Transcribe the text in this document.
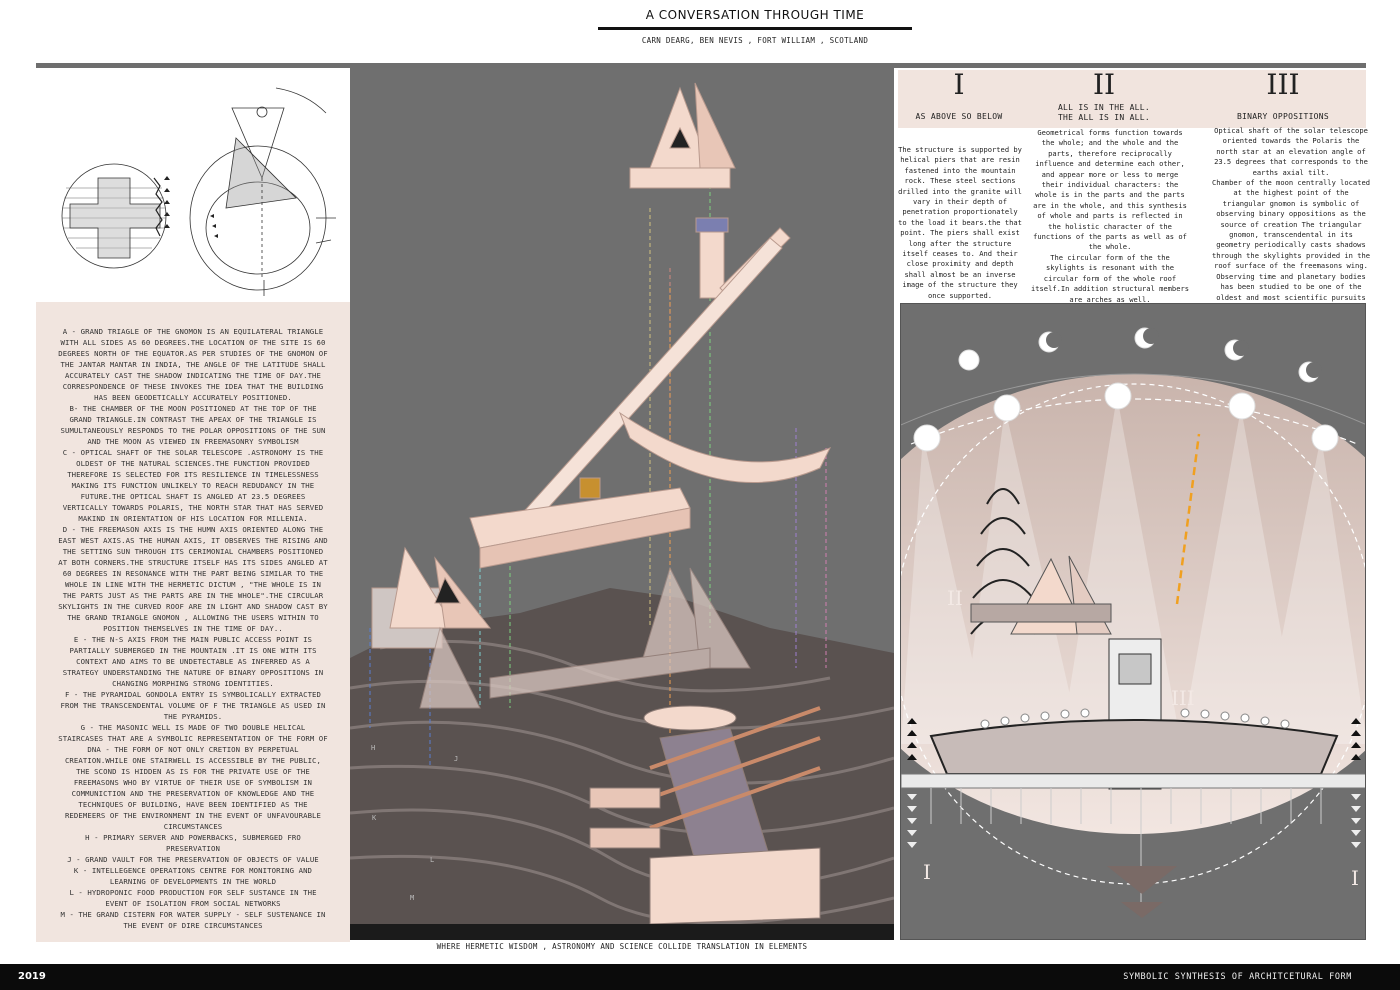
A CONVERSATION THROUGH TIME
CARN DEARG, BEN NEVIS , FORT WILLIAM , SCOTLAND

A - GRAND TRIAGLE OF THE GNOMON IS AN EQUILATERAL TRIANGLE WITH ALL SIDES AS 60 DEGREES.THE LOCATION OF THE SITE IS 60 DEGREES NORTH OF THE EQUATOR.AS PER STUDIES OF THE GNOMON OF THE JANTAR MANTAR IN INDIA, THE ANGLE OF THE LATITUDE SHALL ACCURATELY CAST THE SHADOW INDICATING THE TIME OF DAY.THE CORRESPONDENCE OF THESE INVOKES THE IDEA THAT THE BUILDING HAS BEEN GEODETICALLY ACCURATELY POSITIONED.

B- THE CHAMBER OF THE MOON POSITIONED AT THE TOP OF THE GRAND TRIANGLE.IN CONTRAST THE APEAX OF THE TRIANGLE IS SUMULTANEOUSLY RESPONDS TO THE POLAR OPPOSITIONS OF THE SUN AND THE MOON AS VIEWED IN FREEMASONRY SYMBOLISM

C - OPTICAL SHAFT OF THE SOLAR TELESCOPE .ASTRONOMY IS THE OLDEST OF THE NATURAL SCIENCES.THE FUNCTION PROVIDED THEREFORE IS SELECTED FOR ITS RESILIENCE IN TIMELESSNESS MAKING ITS FUNCTION UNLIKELY TO REACH REDUDANCY IN THE FUTURE.THE OPTICAL SHAFT IS ANGLED AT 23.5 DEGREES VERTICALLY TOWARDS POLARIS, THE NORTH STAR THAT HAS SERVED MAKIND IN ORIENTATION OF HIS LOCATION FOR MILLENIA.

D - THE FREEMASON AXIS IS THE HUMN AXIS ORIENTED ALONG THE EAST WEST AXIS.AS THE HUMAN AXIS, IT OBSERVES THE RISING AND THE SETTING SUN THROUGH ITS CERIMONIAL CHAMBERS POSITIONED AT BOTH CORNERS.THE STRUCTURE ITSELF HAS ITS SIDES ANGLED AT 60 DEGREES IN RESONANCE WITH THE PART BEING SIMILAR TO THE WHOLE IN LINE WITH THE HERMETIC DICTUM , "THE WHOLE IS IN THE PARTS JUST AS THE PARTS ARE IN THE WHOLE".THE CIRCULAR SKYLIGHTS IN THE CURVED ROOF ARE IN LIGHT AND SHADOW CAST BY THE GRAND TRIANGLE GNOMON , ALLOWING THE USERS WITHIN TO POSITION THEMSELVES IN THE TIME OF DAY..

E - THE N-S AXIS FROM THE MAIN PUBLIC ACCESS POINT IS PARTIALLY SUBMERGED IN THE MOUNTAIN .IT IS ONE WITH ITS CONTEXT AND AIMS TO BE UNDETECTABLE AS INFERRED AS A STRATEGY UNDERSTANDING THE NATURE OF BINARY OPPOSITIONS IN CHANGING MORPHING STRONG IDENTITIES.

F - THE PYRAMIDAL GONDOLA ENTRY IS SYMBOLICALLY EXTRACTED FROM THE TRANSCENDENTAL VOLUME OF F THE TRIANGLE AS USED IN THE PYRAMIDS.

G - THE MASONIC WELL IS MADE OF TWO DOUBLE HELICAL STAIRCASES THAT ARE A SYMBOLIC REPRESENTATION OF THE FORM OF DNA - THE FORM OF NOT ONLY CRETION BY PERPETUAL CREATION.WHILE ONE STAIRWELL IS ACCESSIBLE BY THE PUBLIC, THE SCOND IS HIDDEN AS IS FOR THE PRIVATE USE OF THE FREEMASONS WHO BY VIRTUE OF THEIR USE OF SYMBOLISM IN COMMUNICTION AND THE PRESERVATION OF KNOWLEDGE AND THE TECHNIQUES OF BUILDING, HAVE BEEN IDENTIFIED AS THE REDEMEERS OF THE ENVIRONMENT IN THE EVENT OF UNFAVOURABLE CIRCUMSTANCES

H - PRIMARY SERVER AND POWERBACKS, SUBMERGED FRO PRESERVATION

J - GRAND VAULT FOR THE PRESERVATION OF OBJECTS OF VALUE

K - INTELLEGENCE OPERATIONS CENTRE FOR MONITORING AND LEARNING OF DEVELOPMENTS IN THE WORLD

L - HYDROPONIC FOOD PRODUCTION FOR SELF SUSTANCE IN THE EVENT OF ISOLATION FROM SOCIAL NETWORKS

M - THE GRAND CISTERN FOR WATER SUPPLY - SELF SUSTENANCE IN THE EVENT OF DIRE CIRCUMSTANCES

H
J
K
L
M
WHERE HERMETIC WISDOM , ASTRONOMY AND SCIENCE COLLIDE TRANSLATION IN ELEMENTS
I
AS ABOVE SO BELOW
II
ALL IS IN THE ALL.
THE ALL IS IN ALL.
III
BINARY OPPOSITIONS
The structure is supported by helical piers that are resin fastened into the mountain rock. These steel sections drilled into the granite will vary in their depth of penetration proportionately to the load it bears.the that point. The piers shall exist long after the structure itself ceases to. And their close proximity and depth shall almost be an inverse image of the structure they once supported.
Geometrical forms function towards the whole; and the whole and the parts, therefore reciprocally influence and determine each other, and appear more or less to merge their individual characters: the whole is in the parts and the parts are in the whole, and this synthesis of whole and parts is reflected in the holistic character of the functions of the parts as well as of the whole.
The circular form of the the skylights is resonant with the circular form of the whole roof itself.In addition structural members are arches as well.
Optical shaft of the solar telescope oriented towards the Polaris the north star at an elevation angle of 23.5 degrees that corresponds to the earths axial tilt.
Chamber of the moon centrally located at the highest point of the triangular gnomon is symbolic of observing binary oppositions as the source of creation The triangular gnomon, transcendental in its geometry periodically casts shadows through the skylights provided in the roof surface of the freemasons wing. Observing time and planetary bodies has been studied to be one of the oldest and most scientific pursuits
II
III
I	I
2019	SYMBOLIC SYNTHESIS OF ARCHITCETURAL FORM
